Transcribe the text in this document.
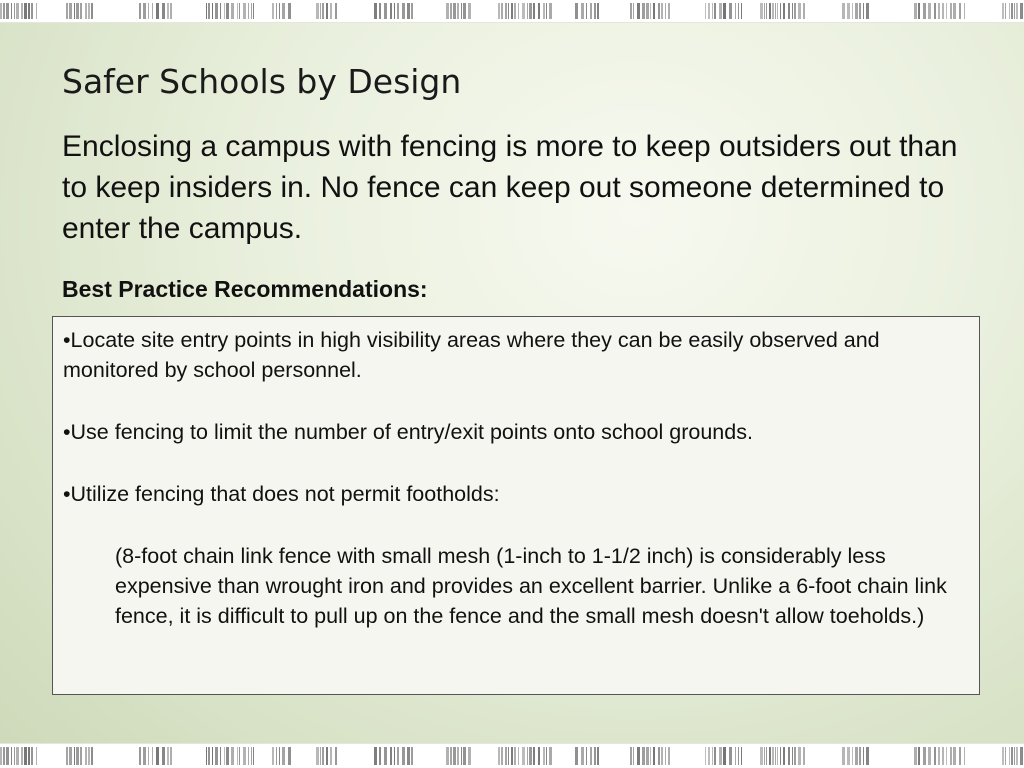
Safer Schools by Design

Enclosing a campus with fencing is more to keep outsiders out than to keep insiders in. No fence can keep out someone determined to enter the campus.

Best Practice Recommendations:

•Locate site entry points in high visibility areas where they can be easily observed and monitored by school personnel.

•Use fencing to limit the number of entry/exit points onto school grounds.

•Utilize fencing that does not permit footholds:

(8-foot chain link fence with small mesh (1-inch to 1-1/2 inch) is considerably less expensive than wrought iron and provides an excellent barrier. Unlike a 6-foot chain link fence, it is difficult to pull up on the fence and the small mesh doesn't allow toeholds.)
